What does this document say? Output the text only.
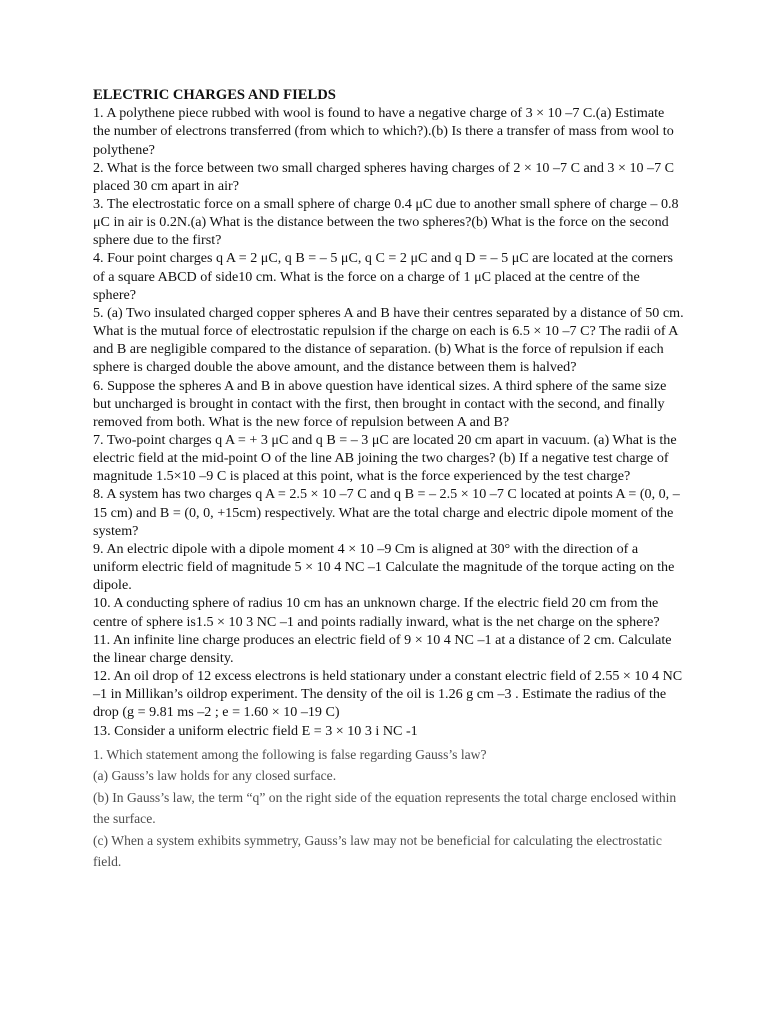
ELECTRIC CHARGES AND FIELDS

1. A polythene piece rubbed with wool is found to have a negative charge of 3 × 10 –7 C.(a) Estimate the number of electrons transferred (from which to which?).(b) Is there a transfer of mass from wool to polythene?

2. What is the force between two small charged spheres having charges of 2 × 10 –7 C and 3 × 10 –7 C placed 30 cm apart in air?

3. The electrostatic force on a small sphere of charge 0.4 μC due to another small sphere of charge – 0.8 μC in air is 0.2N.(a) What is the distance between the two spheres?(b) What is the force on the second sphere due to the first?

4. Four point charges q A = 2 μC, q B = – 5 μC, q C = 2 μC and q D = – 5 μC are located at the corners of a square ABCD of side10 cm. What is the force on a charge of 1 μC placed at the centre of the sphere?

5. (a) Two insulated charged copper spheres A and B have their centres separated by a distance of 50 cm. What is the mutual force of electrostatic repulsion if the charge on each is 6.5 × 10 –7 C? The radii of A and B are negligible compared to the distance of separation. (b) What is the force of repulsion if each sphere is charged double the above amount, and the distance between them is halved?

6. Suppose the spheres A and B in above question have identical sizes. A third sphere of the same size but uncharged is brought in contact with the first, then brought in contact with the second, and finally removed from both. What is the new force of repulsion between A and B?

7. Two-point charges q A = + 3 μC and q B = – 3 μC are located 20 cm apart in vacuum. (a) What is the electric field at the mid-point O of the line AB joining the two charges? (b) If a negative test charge of magnitude 1.5×10 –9 C is placed at this point, what is the force experienced by the test charge?

8. A system has two charges q A = 2.5 × 10 –7 C and q B = – 2.5 × 10 –7 C located at points A = (0, 0, –15 cm) and B = (0, 0, +15cm) respectively. What are the total charge and electric dipole moment of the system?

9. An electric dipole with a dipole moment 4 × 10 –9 Cm is aligned at 30° with the direction of a uniform electric field of magnitude 5 × 10 4 NC –1 Calculate the magnitude of the torque acting on the dipole.

10. A conducting sphere of radius 10 cm has an unknown charge. If the electric field 20 cm from the centre of sphere is1.5 × 10 3 NC –1 and points radially inward, what is the net charge on the sphere?

11. An infinite line charge produces an electric field of 9 × 10 4 NC –1 at a distance of 2 cm. Calculate the linear charge density.

12. An oil drop of 12 excess electrons is held stationary under a constant electric field of 2.55 × 10 4 NC –1 in Millikan’s oildrop experiment. The density of the oil is 1.26 g cm –3 . Estimate the radius of the drop (g = 9.81 ms –2 ; e = 1.60 × 10 –19 C)

13. Consider a uniform electric field E = 3 × 10 3 i NC -1

1. Which statement among the following is false regarding Gauss’s law?

(a) Gauss’s law holds for any closed surface.

(b) In Gauss’s law, the term “q” on the right side of the equation represents the total charge enclosed within the surface.

(c) When a system exhibits symmetry, Gauss’s law may not be beneficial for calculating the electrostatic field.
